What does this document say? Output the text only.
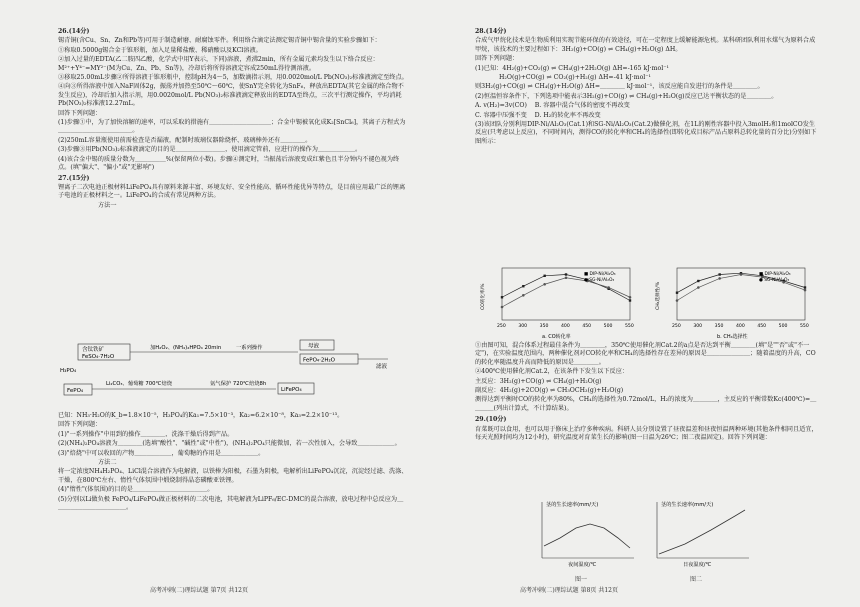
26.(14分)

锡青铜(含Cu、Sn、Zn和Pb等)可用于制造耐磨、耐腐蚀零件。利用络合滴定法测定锡青铜中锡含量的实验步骤如下：

①称取0.5000g锡合金于锥形瓶，加入足量稀盐酸、稀硝酸以及KCl溶液。

②加入过量的EDTA(乙二胺四乙酸，化学式中用Y表示，下同)溶液，煮沸2min，所有金属元素均发生以下络合反应：M²⁺+Y⁴⁻=MY²⁻(M为Cu、Zn、Pb、Sn等)，冷却后将所得溶液定容成250mL得待测溶液。

③移取25.00mL步骤②所得溶液于锥形瓶中，控制pH为4～5，加数滴指示剂，用0.0020mol/L Pb(NO₃)₂标准液滴定至终点。

④向③所得溶液中加入NaF固体2g，振荡并加热至50℃～60℃，使SnY完全转化为SnF₆，释放出EDTA(其它金属的络合物不发生反应)，冷却后加入指示剂，用0.0020mol/L Pb(NO₃)₂标准液滴定释放出的EDTA至终点，三次平行测定操作，平均消耗Pb(NO₃)₂标准液12.27mL。

回答下列问题：

(1)步骤①中，为了加快溶解的速率，可以采取的措施有＿＿＿＿＿＿＿＿＿＿；合金中锡被氧化成K₂[SnCl₆]，其离子方程式为＿＿＿＿＿＿＿＿＿＿＿＿。

(2)250mL容量瓶使用前需检查是否漏液，配制时玻璃仪器除烧杯、玻璃棒外还有＿＿＿＿。

(3)步骤③用Pb(NO₃)₂标准液滴定的目的是＿＿＿＿＿＿＿＿，使用滴定管前，应进行的操作为＿＿＿＿＿＿。

(4)该合金中锡的质量分数为＿＿＿＿＿%(保留两位小数)。步骤④测定时，当振荡后溶液变成红紫色且半分钟内不褪色视为终点。(填"偏大"、"偏小"或"无影响")

27.(15分)

锂离子二次电池正极材料LiFePO₄具有原料来源丰富、环境友好、安全性能高、循环性能优异等特点，是目前应用最广泛的锂离子电池的正极材料之一。LiFePO₄的合成有常见两种方法。

方法一

含钛铁矿
FeSO₄·7H₂O
H₃PO₄
加H₂O₂、(NH₄)₂HPO₄ 20min	一系列操作	母液
FePO₄·2H₂O
滤液
FePO₄
Li₂CO₃、葡萄糖 700℃焙烧	氩气保护 720℃焙烧8h
LiFePO₄

已知：NH₃·H₂O的K_b=1.8×10⁻⁵，H₃PO₄的Ka₁=7.5×10⁻³，Ka₂=6.2×10⁻⁸，Ka₃=2.2×10⁻¹³。

回答下列问题：

(1)"一系列操作"中用到的操作＿＿＿＿、洗涤干燥后得到产品。

(2)(NH₄)₂PO₄溶液为＿＿＿＿(选填"酸性"、"碱性"或"中性")，(NH₄)₂PO₄只能微加，若一次性加入，会导致＿＿＿＿＿＿。

(3)"焙烧"中可以收回的产物＿＿＿＿＿＿，葡萄糖的作用是＿＿＿＿＿＿。

方法二

将一定浓度NH₄H₂PO₄、LiCl混合溶液作为电解液，以铁棒为阳极，石墨为阴极，电解析出LiFePO₄沉淀，沉淀经过滤、洗涤、干燥，在800℃左右、惰性气体氛围中煅烧制得晶态磷酸亚铁锂。

(4)"惰性"(体氛围)的目的是＿＿＿＿＿＿＿＿＿＿＿＿。

(5)分别以Li做负极 FePO₄/LiFePO₄做正极材料的二次电池，其电解液为LiPF₆/EC-DMC的混合溶液，放电过程中总反应为＿＿＿＿＿＿＿＿＿＿＿＿。

高考冲刺(二)理综试题 第7页 共12页

28.(14分)

合成气甲烷化技术是生物质利用实现节能环保的有效途径，可在一定程度上缓解能源危机。某科研团队利用水煤气为原料合成甲烷，该技术的主要过程如下：3H₂(g)+CO(g) ⇌ CH₄(g)+H₂O(g) ΔH。

回答下列问题：

(1)已知：4H₂(g)+CO₂(g) ⇌ CH₄(g)+2H₂O(g) ΔH=-165 kJ·mol⁻¹

H₂O(g)+CO(g) ⇌ CO₂(g)+H₂(g) ΔH=-41 kJ·mol⁻¹

则3H₂(g)+CO(g) ⇌ CH₄(g)+H₂O(g) ΔH=＿＿＿＿ kJ·mol⁻¹，该反应能自发进行的条件是＿＿＿＿。

(2)恒温恒容条件下，下列选项中能表示3H₂(g)+CO(g) ⇌ CH₄(g)+H₂O(g)反应已达平衡状态的是＿＿＿＿。

A. v(H₂)=3v(CO) B. 容器中混合气体的密度不再改变

C. 容器中压强不变 D. H₂的转化率不再改变

(3)该团队分别利用DIP-Ni/Al₂O₃(Cat.1)和SG-Ni/Al₂O₃(Cat.2)做催化剂，在1L的刚性容器中投入3molH₂和1molCO发生反应(只考虑以上反应)，不同时间内，测得CO的转化率和CH₄的选择性(即转化成目标产品占原料总转化量的百分比)分别如下图所示：

250	300	350	400	450	500	550
CO转化率/%
a. CO转化率
■ DIP-Ni/Al₂O₃
● SG-Ni/Al₂O₃
250	300	350	400	450	500	550
CH₄选择性/%
b. CH₄选择性
■ DIP-Ni/Al₂O₃
● SG-Ni/Al₂O₃

①由图可知，混合体系过程最佳条件为＿＿＿＿，350℃使用催化剂Cat.2的a点是否达到平衡＿＿＿＿(填"是""否"或"不一定")，在实验温度范围内，两种催化剂对CO转化率和CH₄的选择性存在差异的原因是＿＿＿＿＿＿＿；随着温度的升高，CO的转化率随温度升高而降低的原因是＿＿＿＿。

②400℃使用催化剂Cat.2，在该条件下发生以下反应：

主反应：3H₂(g)+CO(g) ⇌ CH₄(g)+H₂O(g)

副反应：4H₂(g)+2CO(g) ⇌ CH₃OCH₃(g)+H₂O(g)

测得达到平衡时CO的转化率为80%，CH₄的选择性为0.72mol/L，H₂的浓度为＿＿＿＿，主反应的平衡常数Kc(400℃)=＿＿＿＿(列出计算式，不计算结果)。

29.(10分)

育菜既可以食用，也可以用于修床上治疗多种疾病。科研人员分别设置了昼夜温差和昼夜恒温两种环境(其他条件相同且适宜，每天光照时间均为12小时)，研究温度对育菜生长的影响(图一日温为26℃；图二夜温固定)。回答下列问题：

茎的生长速率(mm/天)
夜间温度/℃
茎的生长速率(mm/天)
日夜温度/℃
图一	图二
高考冲刺(二)理综试题 第8页 共12页
